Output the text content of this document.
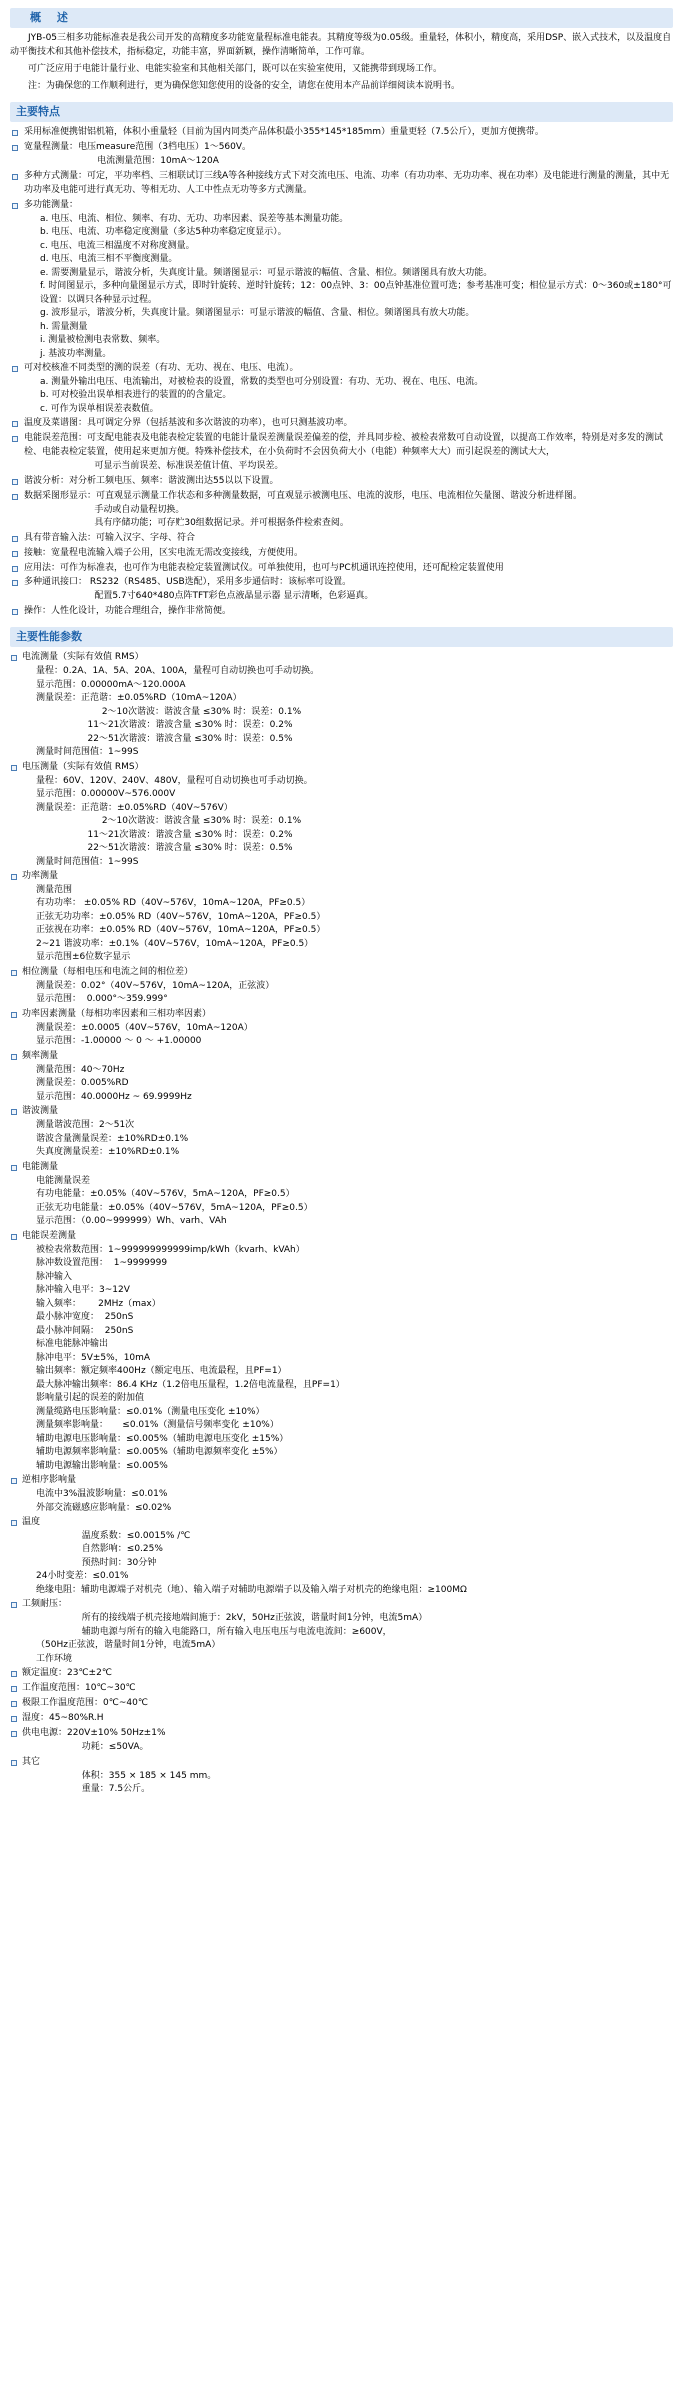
概 述

JYB-05三相多功能标准表是我公司开发的高精度多功能宽量程标准电能表。其精度等级为0.05级。重量轻，体积小，精度高，采用DSP、嵌入式技术，以及温度自动平衡技术和其他补偿技术，指标稳定，功能丰富，界面新颖，操作清晰简单，工作可靠。

可广泛应用于电能计量行业、电能实验室和其他相关部门，既可以在实验室使用，又能携带到现场工作。

注：为确保您的工作顺利进行，更为确保您知您使用的设备的安全，请您在使用本产品前详细阅读本说明书。

主要特点
采用标准便携钳铝机箱，体积小重量轻（目前为国内同类产品体积最小355*145*185mm）重量更轻（7.5公斤），更加方便携带。
宽量程测量：电压measure范围（3档电压）1～560V。
电流测量范围：10mA～120A
多种方式测量：可定，平功率档、三相联试订三线A等各种接线方式下对交流电压、电流、功率（有功功率、无功功率、视在功率）及电能进行测量的测量，其中无功功率及电能可进行真无功、等相无功、人工中性点无功等多方式测量。
多功能测量：
a. 电压、电流、相位、频率、有功、无功、功率因素、误差等基本测量功能。
b. 电压、电流、功率稳定度测量（多达5种功率稳定度显示）。
c. 电压、电流三相温度不对称度测量。
d. 电压、电流三相不平衡度测量。
e. 需要测量显示，谐波分析，失真度计量。频谱图显示：可显示谐波的幅值、含量、相位。频谱图具有放大功能。
f. 时间图显示，多种向量图显示方式，即时针旋转、逆时针旋转；12：00点钟、3：00点钟基准位置可选；参考基准可变；相位显示方式：0～360或±180°可设置：以调只各种显示过程。
g. 波形显示，谐波分析，失真度计量。频谱图显示：可显示谐波的幅值、含量、相位。频谱图具有放大功能。
h. 需量测量
i. 测量被检测电表常数、频率。
j. 基波功率测量。
可对校核准不同类型的测的误差（有功、无功、视在、电压、电流）。
a. 测量外输出电压、电流输出，对被检表的设置，常数的类型也可分别设置：有功、无功、视在、电压、电流。
b. 可对校验出误单相表进行的装置的的含量定。
c. 可作为误单相误差表数值。
温度及菜谱图：具可调定分界（包括基波和多次谐波的功率），也可只测基波功率。
电能误差范围：可支配电能表及电能表检定装置的电能计量误差测量误差偏差的偿，并具同步检、被检表常数可自动设置，以提高工作效率，特别是对多发的测试检、电能表检定装置，使用起来更加方便。特殊补偿技术，在小负荷时不会因负荷大小（电能）种频率大大）而引起误差的测试大大，
可显示当前误差、标准误差值计值、平均误差。
谐波分析：对分析工频电压、频率：谐波测出达55以以下设置。
数据采图形显示：可直观显示测量工作状态和多种测量数据，可直观显示被测电压、电流的波形，电压、电流相位矢量图、谐波分析进样图。
手动或自动量程切换。
具有序储功能；可存贮30组数据记录。并可根据条件检索查阅。
具有带音输入法：可输入汉字、字母、符合
接触：宽量程电流输入端子公用，区实电流无需改变接线，方便使用。
应用法：可作为标准表，也可作为电能表检定装置测试仪。可单独使用，也可与PC机通讯连控使用，还可配检定装置使用
多种通讯接口： RS232（RS485、USB选配），采用多步通信时：该标率可设置。
配置5.7寸640*480点阵TFT彩色点液晶显示器 显示清晰，色彩逼真。
操作：人性化设计，功能合理组合，操作非常简便。
主要性能参数
电流测量（实际有效值 RMS）
量程：0.2A、1A、5A、20A、100A，量程可自动切换也可手动切换。
显示范围：0.00000mA～120.000A
测量误差：正范谐：±0.05%RD（10mA~120A）
2～10次谐波：谐波含量 ≤30% 时：误差：0.1%
11～21次谐波：谐波含量 ≤30% 时：误差：0.2%
22～51次谐波：谐波含量 ≤30% 时：误差：0.5%
测量时间范围值：1~99S
电压测量（实际有效值 RMS）
量程：60V、120V、240V、480V，量程可自动切换也可手动切换。
显示范围：0.00000V~576.000V
测量误差：正范谐：±0.05%RD（40V~576V）
2～10次谐波：谐波含量 ≤30% 时：误差：0.1%
11～21次谐波：谐波含量 ≤30% 时：误差：0.2%
22～51次谐波：谐波含量 ≤30% 时：误差：0.5%
测量时间范围值：1~99S
功率测量
测量范围
有功功率： ±0.05% RD（40V~576V，10mA~120A，PF≥0.5）
正弦无功功率：±0.05% RD（40V~576V，10mA~120A，PF≥0.5）
正弦视在功率：±0.05% RD（40V~576V，10mA~120A，PF≥0.5）
2~21 谐波功率：±0.1%（40V~576V，10mA~120A，PF≥0.5）
显示范围±6位数字显示
相位测量（每相电压和电流之间的相位差）
测量误差：0.02°（40V~576V，10mA~120A，正弦波）
显示范围：  0.000°～359.999°
功率因素测量（每相功率因素和三相功率因素）
测量误差：±0.0005（40V~576V，10mA~120A）
显示范围：-1.00000 ～ 0 ～ +1.00000
频率测量
测量范围：40～70Hz
测量误差：0.005%RD
显示范围：40.0000Hz ~ 69.9999Hz
谐波测量
测量谐波范围：2～51次
谐波含量测量误差：±10%RD±0.1%
失真度测量误差：±10%RD±0.1%
电能测量
电能测量误差
有功电能量：±0.05%（40V~576V，5mA~120A，PF≥0.5）
正弦无功电能量：±0.05%（40V~576V，5mA~120A，PF≥0.5）
显示范围：（0.00~999999）Wh、varh、VAh
电能误差测量
被检表常数范围：1~999999999999imp/kWh（kvarh、kVAh）
脉冲数设置范围：  1~9999999
脉冲输入
脉冲输入电平：3~12V
输入频率：      2MHz（max）
最小脉冲宽度：  250nS
最小脉冲间隔：  250nS
标准电能脉冲输出
脉冲电平：5V±5%，10mA
输出频率：额定频率400Hz（额定电压、电流最程，且PF=1）
最大脉冲输出频率：86.4 KHz（1.2倍电压量程，1.2倍电流量程，且PF=1）
影响量引起的误差的附加值
测量缆路电压影响量：≤0.01%（测量电压变化 ±10%）
测量频率影响量：     ≤0.01%（测量信号频率变化 ±10%）
辅助电源电压影响量：≤0.005%（辅助电源电压变化 ±15%）
辅助电源频率影响量：≤0.005%（辅助电源频率变化 ±5%）
辅助电源输出影响量：≤0.005%
逆相序影响量
电流中3%温波影响量：≤0.01%
外部交流磁感应影响量：≤0.02%
温度
温度系数：≤0.0015% /℃
自然影响：≤0.25%
预热时间：30分钟
24小时变差：≤0.01%
绝缘电阻：辅助电源端子对机壳（地）、输入端子对辅助电源端子以及输入端子对机壳的绝缘电阻：≥100MΩ
工频耐压：
所有的接线端子机壳接地端间施于：2kV，50Hz正弦波，谐量时间1分钟，电流5mA）
辅助电源与所有的输入电能路口，所有输入电压电压与电流电流间：≥600V，
（50Hz正弦波，谐量时间1分钟，电流5mA）
工作环境
额定温度：23℃±2℃
工作温度范围：10℃~30℃
极限工作温度范围：0℃~40℃
湿度：45~80%R.H
供电电源：220V±10% 50Hz±1%
功耗：≤50VA。
其它
体积：355 × 185 × 145 mm。
重量：7.5公斤。
